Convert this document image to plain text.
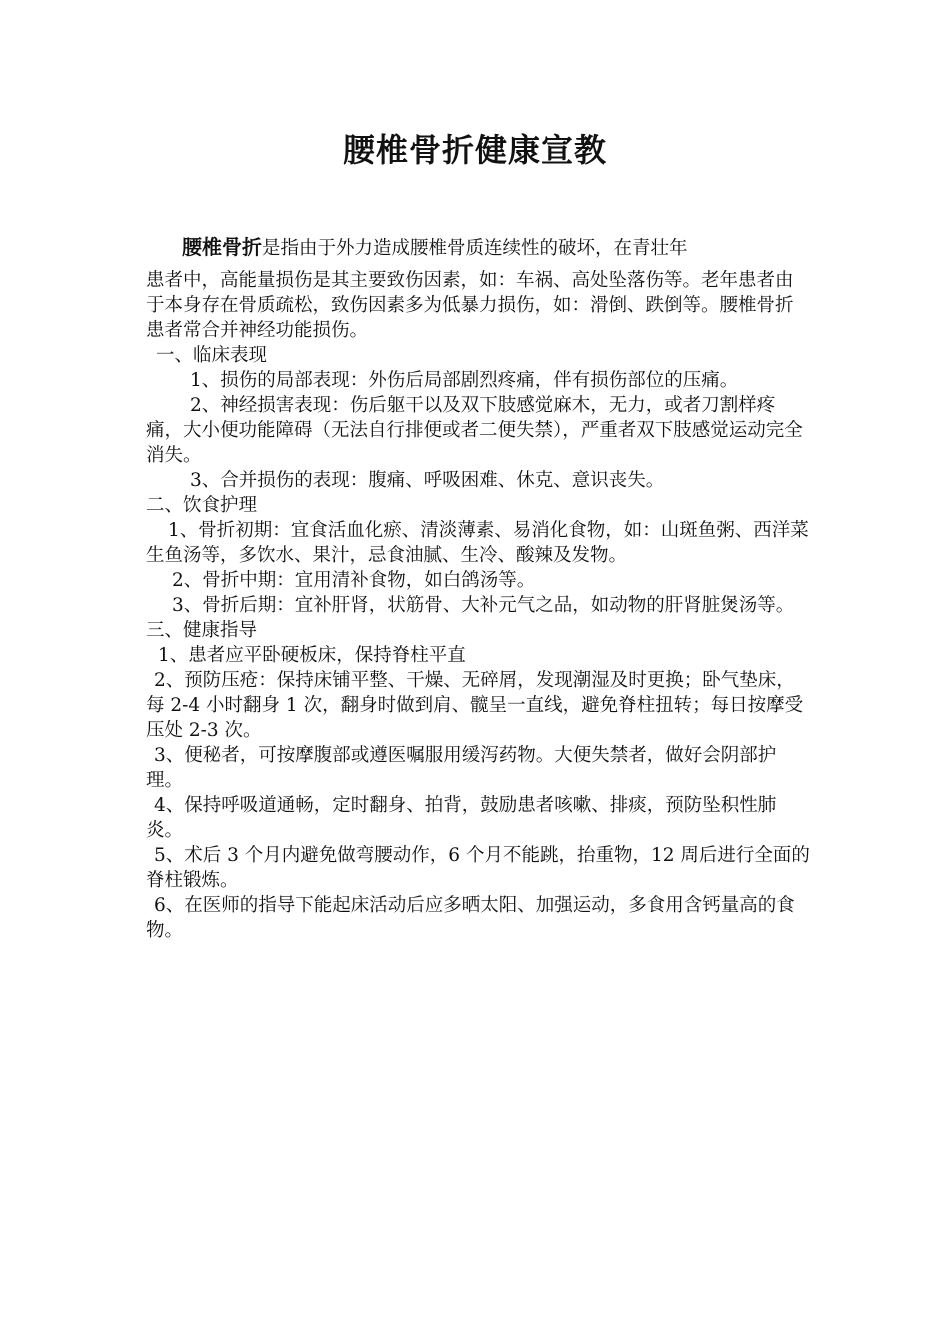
腰椎骨折健康宣教

腰椎骨折是指由于外力造成腰椎骨质连续性的破坏，在青壮年

患者中，高能量损伤是其主要致伤因素，如：车祸、高处坠落伤等。老年患者由于本身存在骨质疏松，致伤因素多为低暴力损伤，如：滑倒、跌倒等。腰椎骨折患者常合并神经功能损伤。

一、临床表现

1、损伤的局部表现：外伤后局部剧烈疼痛，伴有损伤部位的压痛。

2、神经损害表现：伤后躯干以及双下肢感觉麻木，无力，或者刀割样疼痛，大小便功能障碍（无法自行排便或者二便失禁），严重者双下肢感觉运动完全消失。

3、合并损伤的表现：腹痛、呼吸困难、休克、意识丧失。

二、饮食护理

1、骨折初期：宜食活血化瘀、清淡薄素、易消化食物，如：山斑鱼粥、西洋菜生鱼汤等，多饮水、果汁，忌食油腻、生冷、酸辣及发物。

2、骨折中期：宜用清补食物，如白鸽汤等。

3、骨折后期：宜补肝肾，状筋骨、大补元气之品，如动物的肝肾脏煲汤等。

三、健康指导

1、患者应平卧硬板床，保持脊柱平直

2、预防压疮：保持床铺平整、干燥、无碎屑，发现潮湿及时更换；卧气垫床，每 2-4 小时翻身 1 次，翻身时做到肩、髋呈一直线，避免脊柱扭转；每日按摩受压处 2-3 次。

3、便秘者，可按摩腹部或遵医嘱服用缓泻药物。大便失禁者，做好会阴部护理。

4、保持呼吸道通畅，定时翻身、拍背，鼓励患者咳嗽、排痰，预防坠积性肺炎。

5、术后 3 个月内避免做弯腰动作，6 个月不能跳，抬重物，12 周后进行全面的脊柱锻炼。

6、在医师的指导下能起床活动后应多晒太阳、加强运动，多食用含钙量高的食物。
